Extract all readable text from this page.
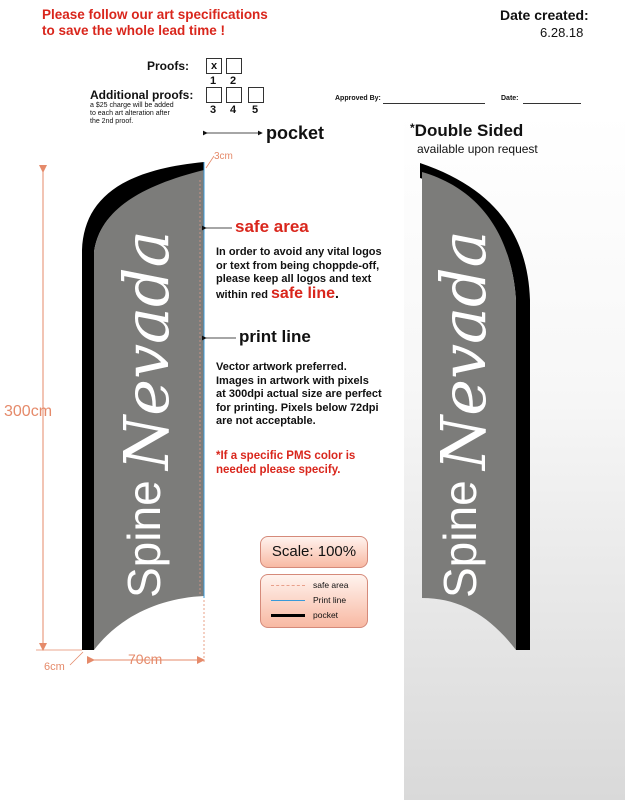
Please follow our art specifications
to save the whole lead time !
Date created:
6.28.18
Proofs:	x
1	2
Additional proofs:
3	4	5
a $25 charge will be added
to each art alteration after
the 2nd proof.
Approved By:	Date:
Nevada
Spine
Nevada
Spine
300cm
70cm
6cm
3cm
pocket	*Double Sided
available upon request
safe area
In order to avoid any vital logos
or text from being choppde-off,
please keep all logos and text
within red safe line.
print line
Vector artwork preferred.
Images in artwork with pixels
at 300dpi actual size are perfect
for printing. Pixels below 72dpi
are not acceptable.
*If a specific PMS color is
needed please specify.
Scale: 100%
safe area
Print line
pocket
